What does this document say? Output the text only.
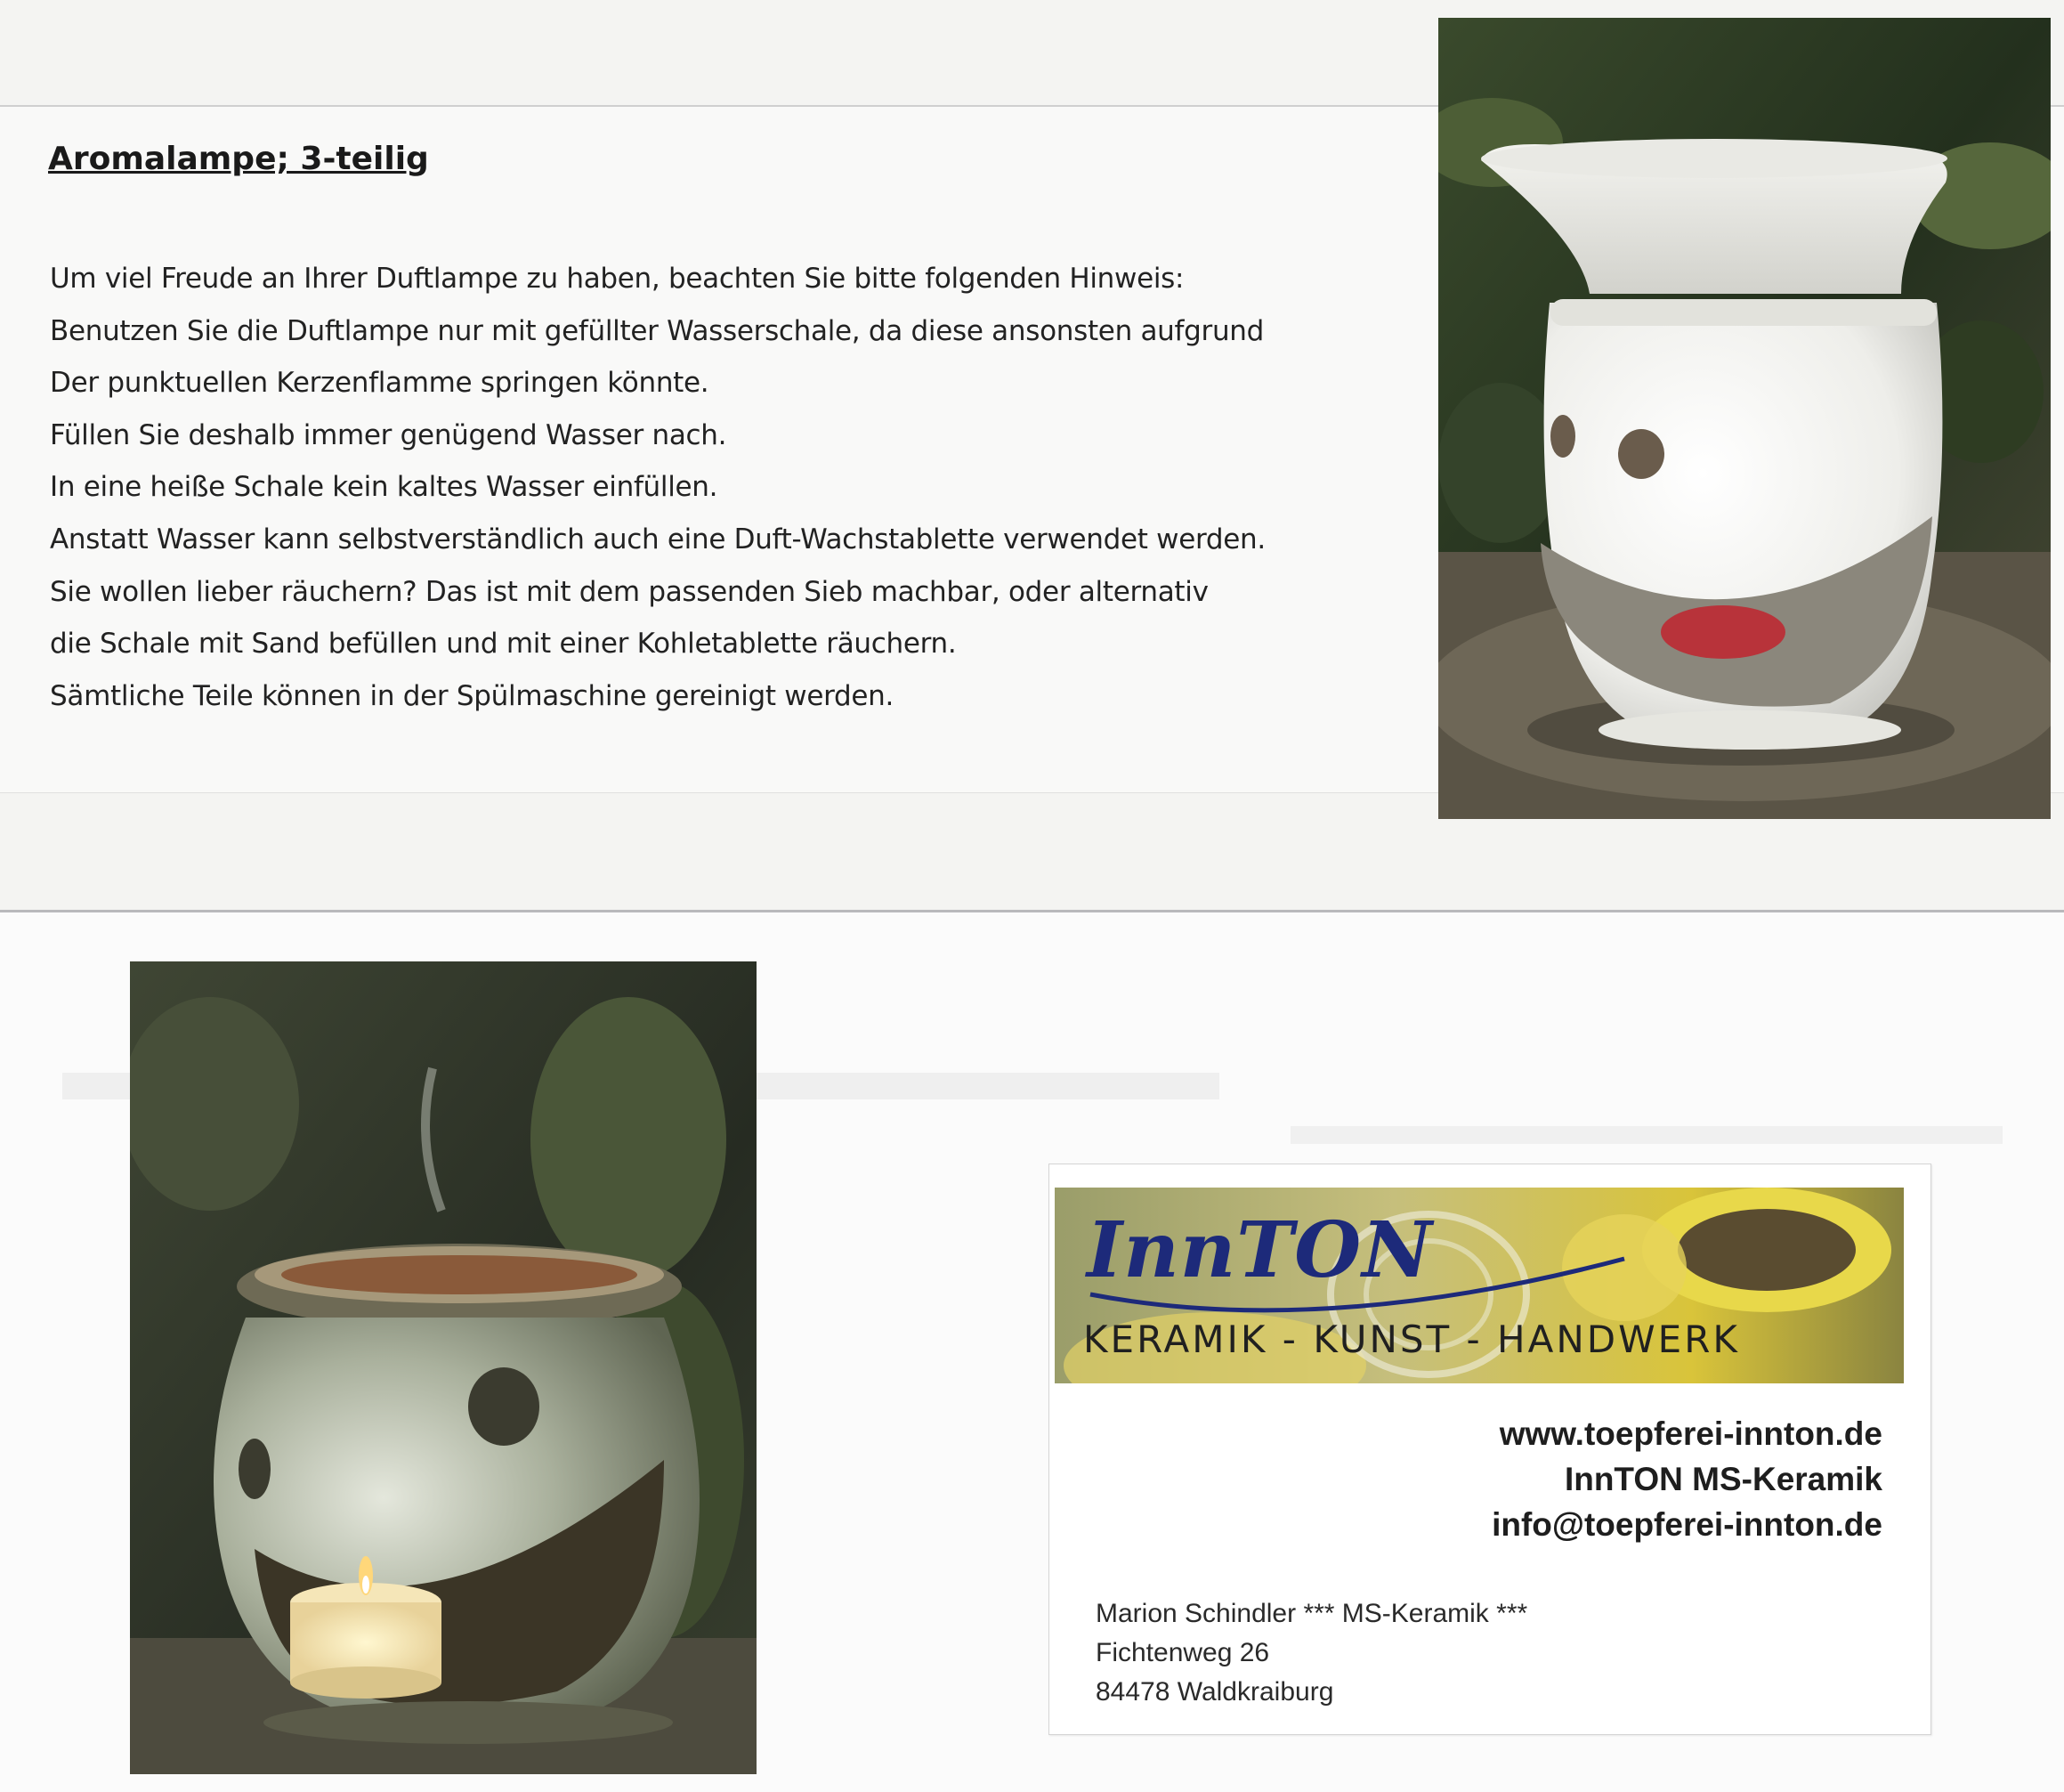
Aromalampe; 3-teilig
Um viel Freude an Ihrer Duftlampe zu haben, beachten Sie bitte folgenden Hinweis:
Benutzen Sie die Duftlampe nur mit gefüllter Wasserschale, da diese ansonsten aufgrund
Der punktuellen Kerzenflamme springen könnte.
Füllen Sie deshalb immer genügend Wasser nach.
In eine heiße Schale kein kaltes Wasser einfüllen.
Anstatt Wasser kann selbstverständlich auch eine Duft-Wachstablette verwendet werden.
Sie wollen lieber räuchern? Das ist mit dem passenden Sieb machbar, oder alternativ
die Schale mit Sand befüllen und mit einer Kohletablette räuchern.
Sämtliche Teile können in der Spülmaschine gereinigt werden.

InnTON

KERAMIK - KUNST - HANDWERK

www.toepferei-innton.de

InnTON MS-Keramik

info@toepferei-innton.de

Marion Schindler *** MS-Keramik ***

Fichtenweg 26

84478 Waldkraiburg
